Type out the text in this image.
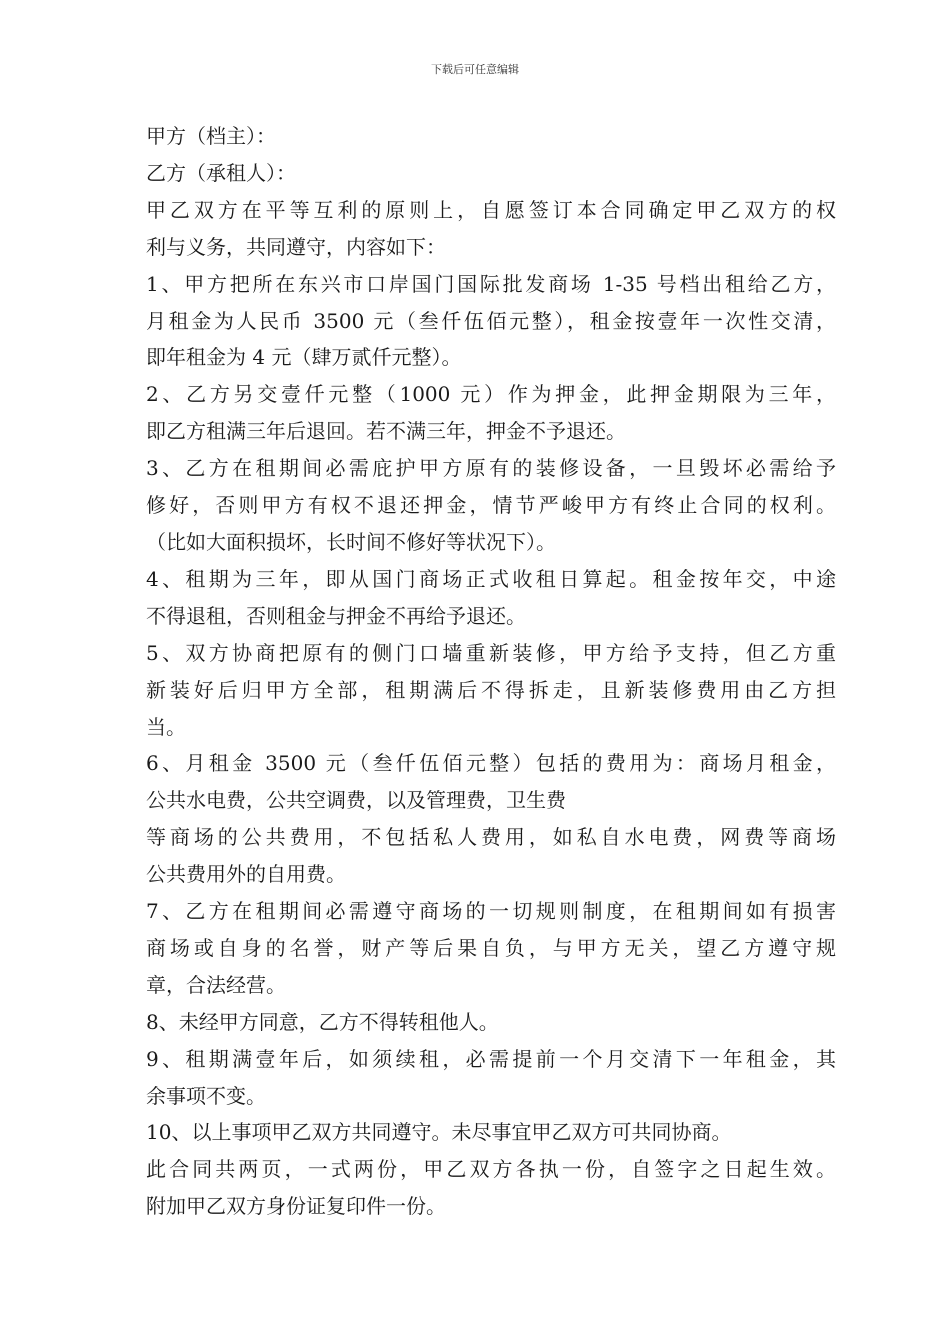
下载后可任意编辑
甲方（档主）：
乙方（承租人）：
甲乙双方在平等互利的原则上，自愿签订本合同确定甲乙双方的权
利与义务，共同遵守，内容如下：
1、甲方把所在东兴市口岸国门国际批发商场 1-35 号档出租给乙方，
月租金为人民币 3500 元（叁仟伍佰元整），租金按壹年一次性交清，
即年租金为 4 元（肆万贰仟元整）。
2、乙方另交壹仟元整（1000 元）作为押金，此押金期限为三年，
即乙方租满三年后退回。若不满三年，押金不予退还。
3、乙方在租期间必需庇护甲方原有的装修设备，一旦毁坏必需给予
修好，否则甲方有权不退还押金，情节严峻甲方有终止合同的权利。
（比如大面积损坏，长时间不修好等状况下）。
4、租期为三年，即从国门商场正式收租日算起。租金按年交，中途
不得退租，否则租金与押金不再给予退还。
5、双方协商把原有的侧门口墙重新装修，甲方给予支持，但乙方重
新装好后归甲方全部，租期满后不得拆走，且新装修费用由乙方担
当。
6、月租金 3500 元（叁仟伍佰元整）包括的费用为：商场月租金，
公共水电费，公共空调费，以及管理费，卫生费
等商场的公共费用，不包括私人费用，如私自水电费，网费等商场
公共费用外的自用费。
7、乙方在租期间必需遵守商场的一切规则制度，在租期间如有损害
商场或自身的名誉，财产等后果自负，与甲方无关，望乙方遵守规
章，合法经营。
8、未经甲方同意，乙方不得转租他人。
9、租期满壹年后，如须续租，必需提前一个月交清下一年租金，其
余事项不变。
10、以上事项甲乙双方共同遵守。未尽事宜甲乙双方可共同协商。
此合同共两页，一式两份，甲乙双方各执一份，自签字之日起生效。
附加甲乙双方身份证复印件一份。
